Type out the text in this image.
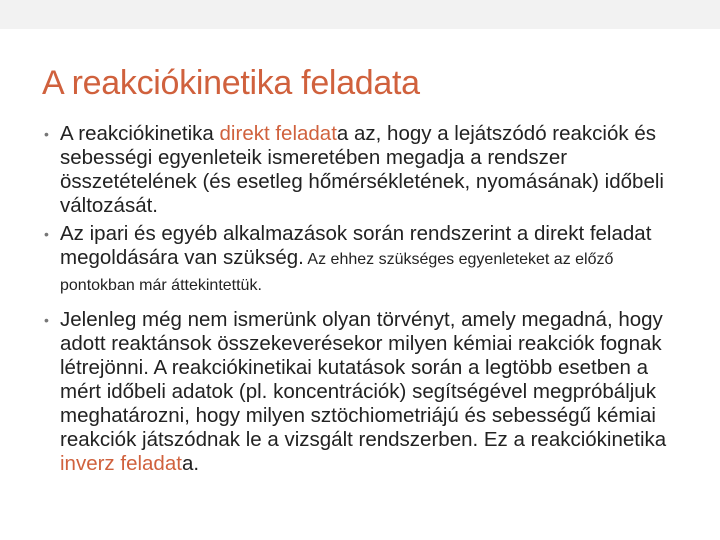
A reakciókinetika feladata

• A reakciókinetika direkt feladata az, hogy a lejátszódó reakciók és sebességi egyenleteik ismeretében megadja a rendszer összetételének (és esetleg hőmérsékletének, nyomásának) időbeli változását.

• Az ipari és egyéb alkalmazások során rendszerint a direkt feladat megoldására van szükség. Az ehhez szükséges egyenleteket az előző pontokban már áttekintettük.

• Jelenleg még nem ismerünk olyan törvényt, amely megadná, hogy adott reaktánsok összekeverésekor milyen kémiai reakciók fognak létrejönni. A reakciókinetikai kutatások során a legtöbb esetben a mért időbeli adatok (pl. koncentrációk) segítségével megpróbáljuk meghatározni, hogy milyen sztöchiometriájú és sebességű kémiai reakciók játszódnak le a vizsgált rendszerben. Ez a reakciókinetika inverz feladata.
